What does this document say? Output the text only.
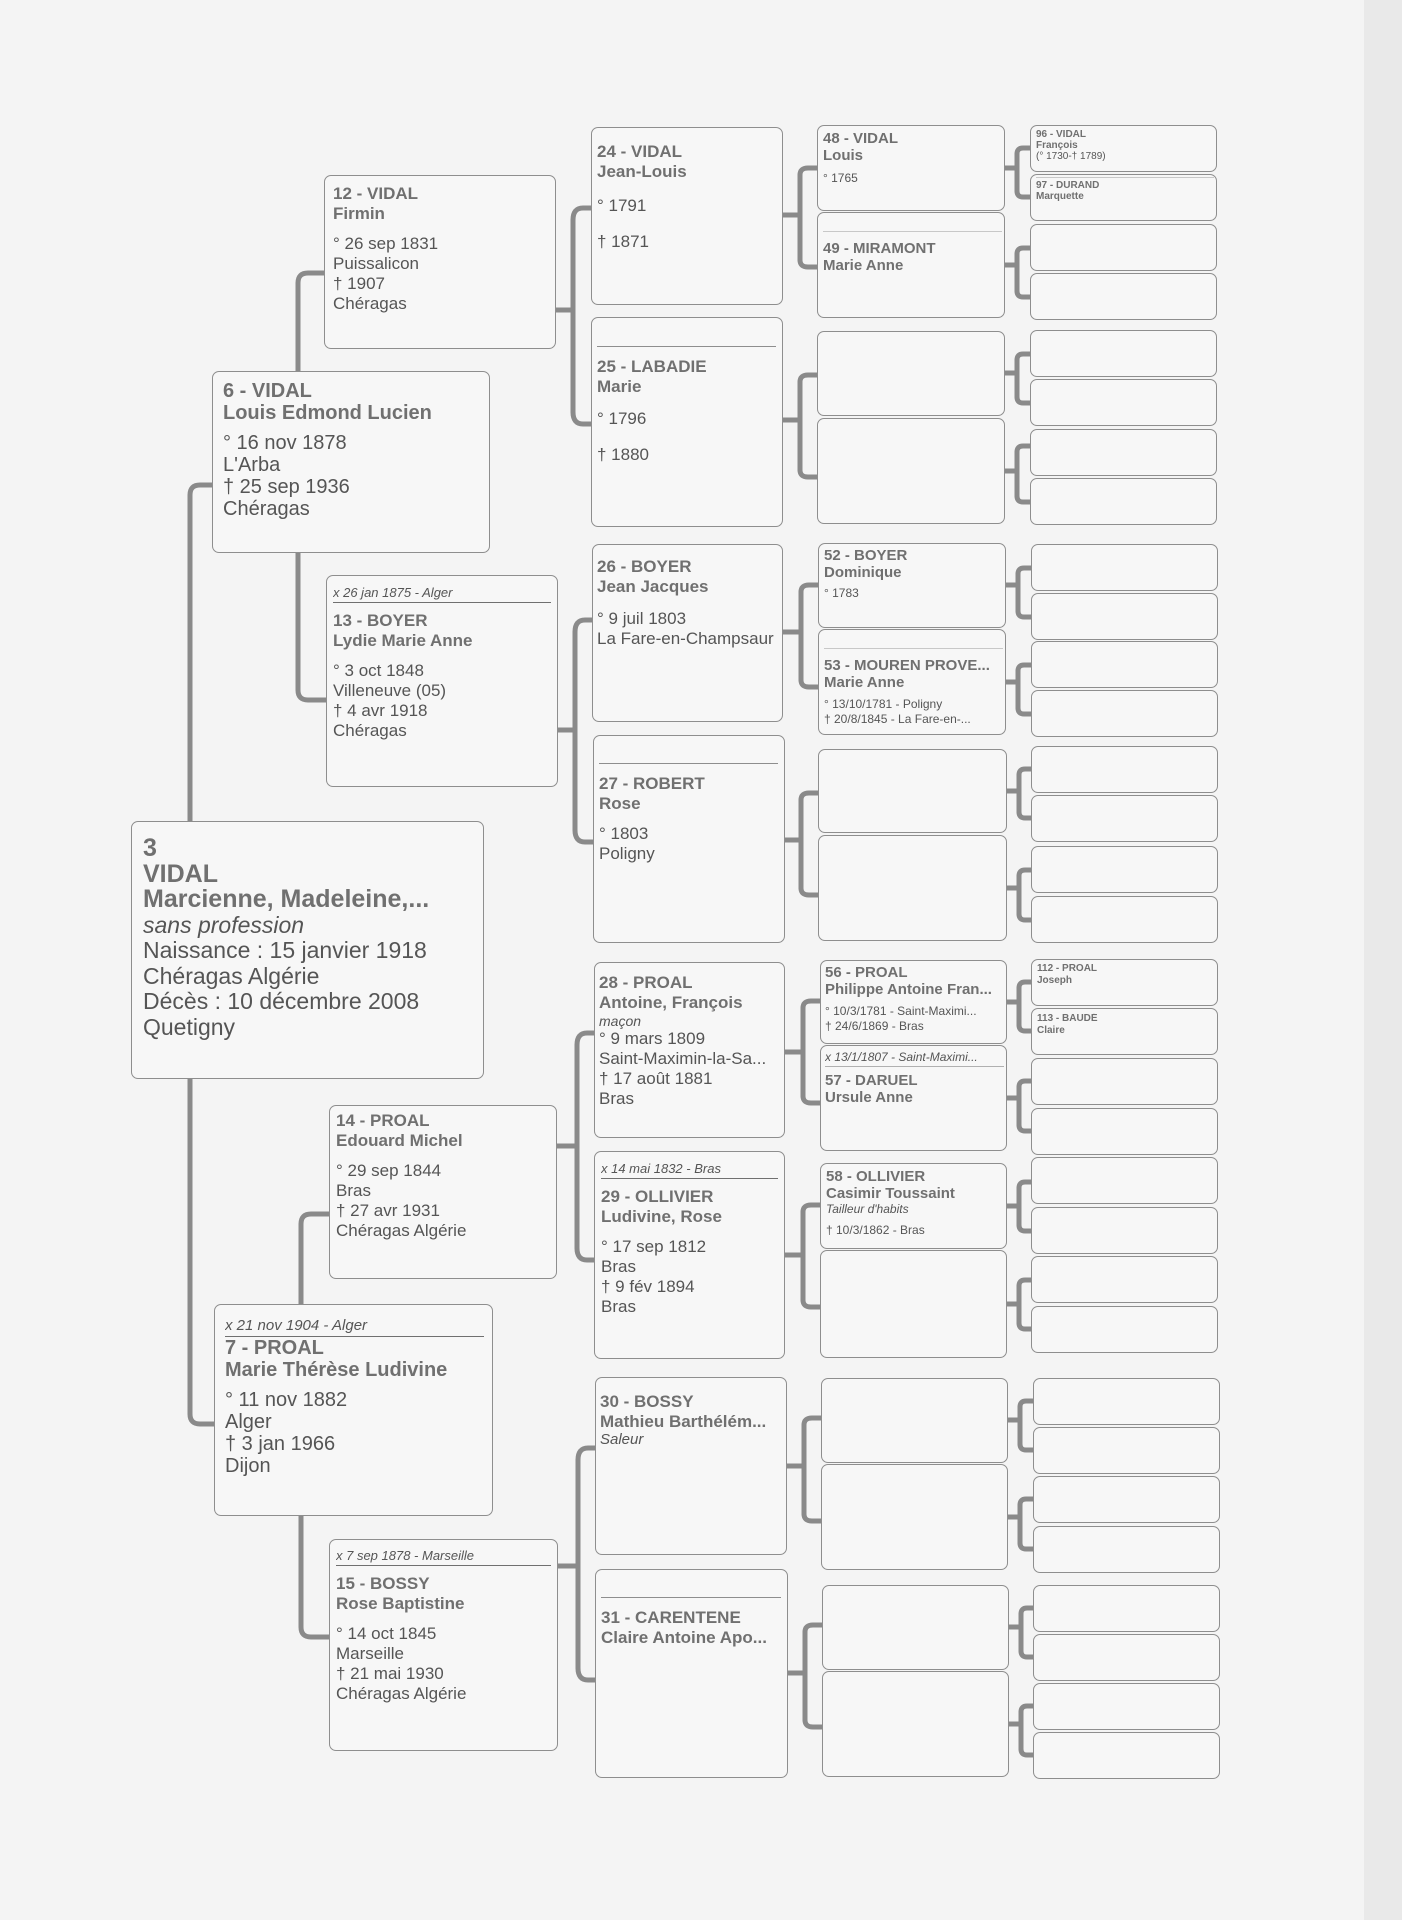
3
VIDAL
Marcienne, Madeleine,...
sans profession
Naissance : 15 janvier 1918
Chéragas Algérie
Décès : 10 décembre 2008
Quetigny
6 - VIDAL
Louis Edmond Lucien
° 16 nov 1878
L'Arba
† 25 sep 1936
Chéragas
x 21 nov 1904 - Alger
7 - PROAL
Marie Thérèse Ludivine
° 11 nov 1882
Alger
† 3 jan 1966
Dijon
12 - VIDAL
Firmin
° 26 sep 1831
Puissalicon
† 1907
Chéragas
x 26 jan 1875 - Alger
13 - BOYER
Lydie Marie Anne
° 3 oct 1848
Villeneuve (05)
† 4 avr 1918
Chéragas
14 - PROAL
Edouard Michel
° 29 sep 1844
Bras
† 27 avr 1931
Chéragas Algérie
x 7 sep 1878 - Marseille
15 - BOSSY
Rose Baptistine
° 14 oct 1845
Marseille
† 21 mai 1930
Chéragas Algérie
24 - VIDAL
Jean-Louis
° 1791
† 1871
25 - LABADIE
Marie
° 1796
† 1880
26 - BOYER
Jean Jacques
° 9 juil 1803
La Fare-en-Champsaur
27 - ROBERT
Rose
° 1803
Poligny
28 - PROAL
Antoine, François
maçon
° 9 mars 1809
Saint-Maximin-la-Sa...
† 17 août 1881
Bras
x 14 mai 1832 - Bras
29 - OLLIVIER
Ludivine, Rose
° 17 sep 1812
Bras
† 9 fév 1894
Bras
30 - BOSSY
Mathieu Barthélém...
Saleur
31 - CARENTENE
Claire Antoine Apo...
48 - VIDAL
Louis
° 1765
49 - MIRAMONT
Marie Anne
52 - BOYER
Dominique
° 1783
53 - MOUREN PROVE...
Marie Anne
° 13/10/1781 - Poligny
† 20/8/1845 - La Fare-en-...
56 - PROAL
Philippe Antoine Fran...
° 10/3/1781 - Saint-Maximi...
† 24/6/1869 - Bras
x 13/1/1807 - Saint-Maximi...
57 - DARUEL
Ursule Anne
58 - OLLIVIER
Casimir Toussaint
Tailleur d'habits
† 10/3/1862 - Bras
96 - VIDAL
François
(° 1730-† 1789)
97 - DURAND
Marquette
112 - PROAL
Joseph
113 - BAUDÉ
Claire
